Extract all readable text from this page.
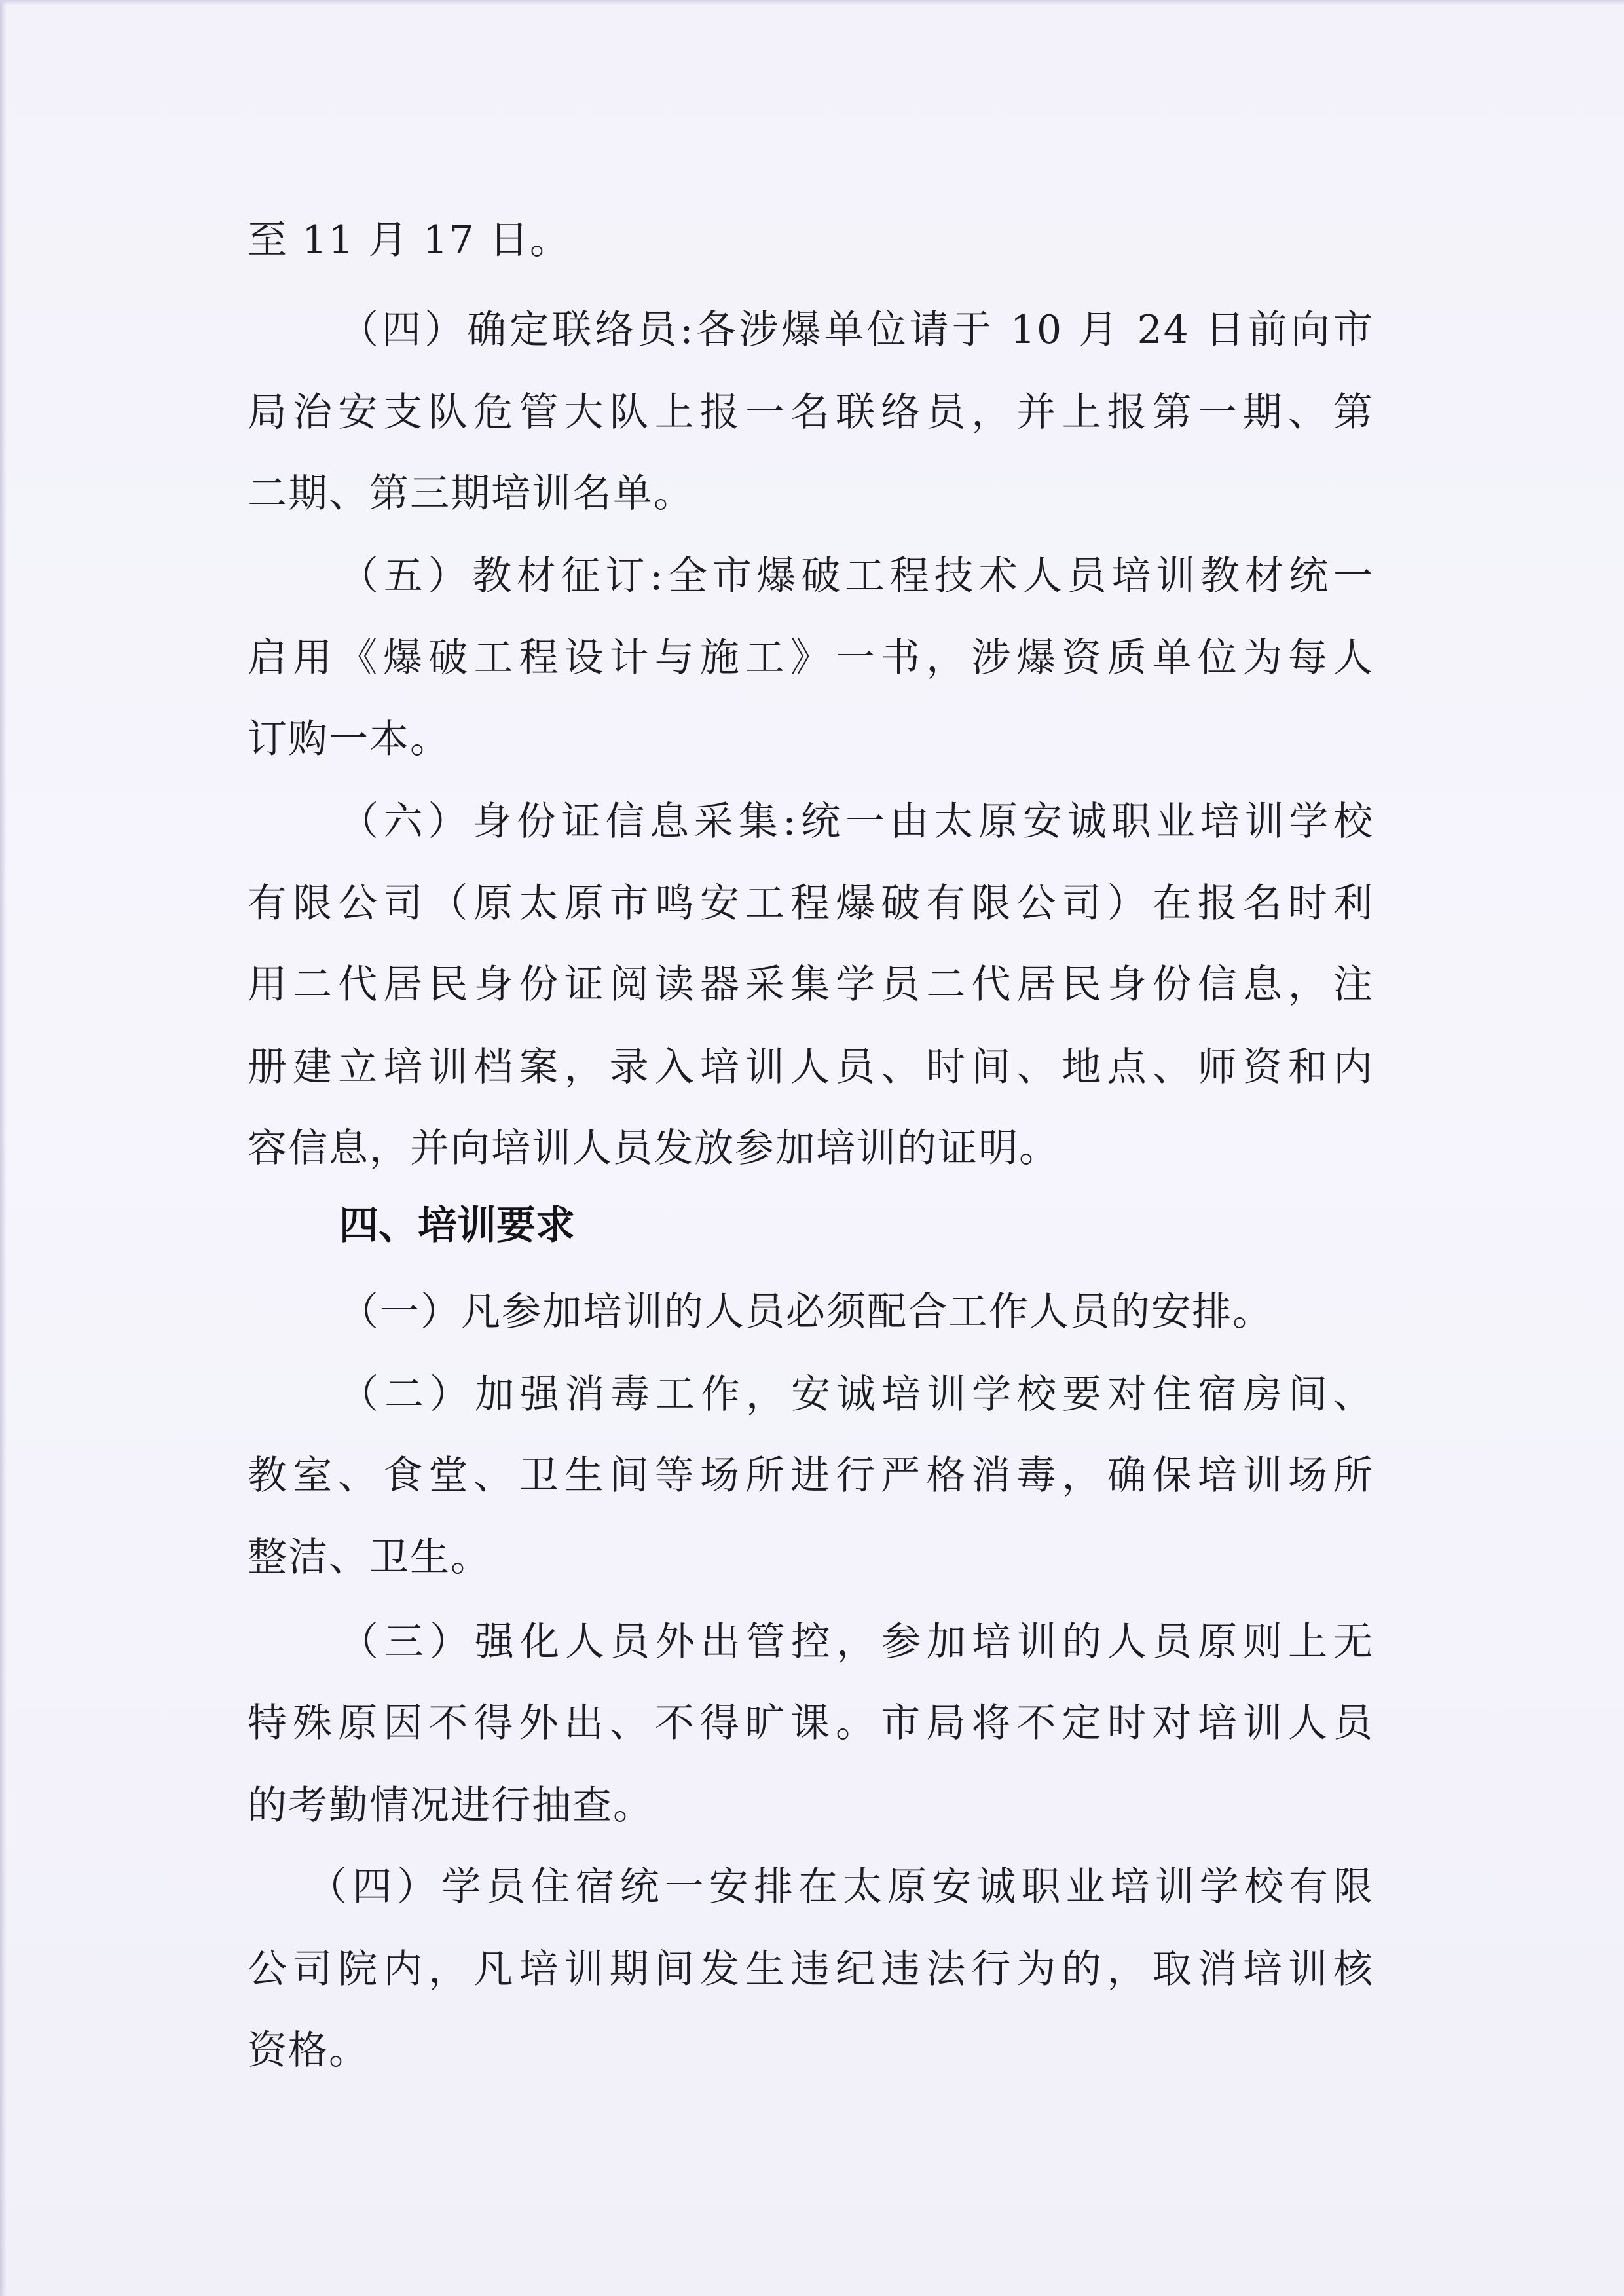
至 11 月 17 日。
（四）确定联络员:各涉爆单位请于 10 月 24 日前向市
局治安支队危管大队上报一名联络员，并上报第一期、第
二期、第三期培训名单。
（五）教材征订:全市爆破工程技术人员培训教材统一
启用《爆破工程设计与施工》一书，涉爆资质单位为每人
订购一本。
（六）身份证信息采集:统一由太原安诚职业培训学校
有限公司（原太原市鸣安工程爆破有限公司）在报名时利
用二代居民身份证阅读器采集学员二代居民身份信息，注
册建立培训档案，录入培训人员、时间、地点、师资和内
容信息，并向培训人员发放参加培训的证明。
四、培训要求
（一）凡参加培训的人员必须配合工作人员的安排。
（二）加强消毒工作，安诚培训学校要对住宿房间、
教室、食堂、卫生间等场所进行严格消毒，确保培训场所
整洁、卫生。
（三）强化人员外出管控，参加培训的人员原则上无
特殊原因不得外出、不得旷课。市局将不定时对培训人员
的考勤情况进行抽查。
（四）学员住宿统一安排在太原安诚职业培训学校有限
公司院内，凡培训期间发生违纪违法行为的，取消培训核
资格。
